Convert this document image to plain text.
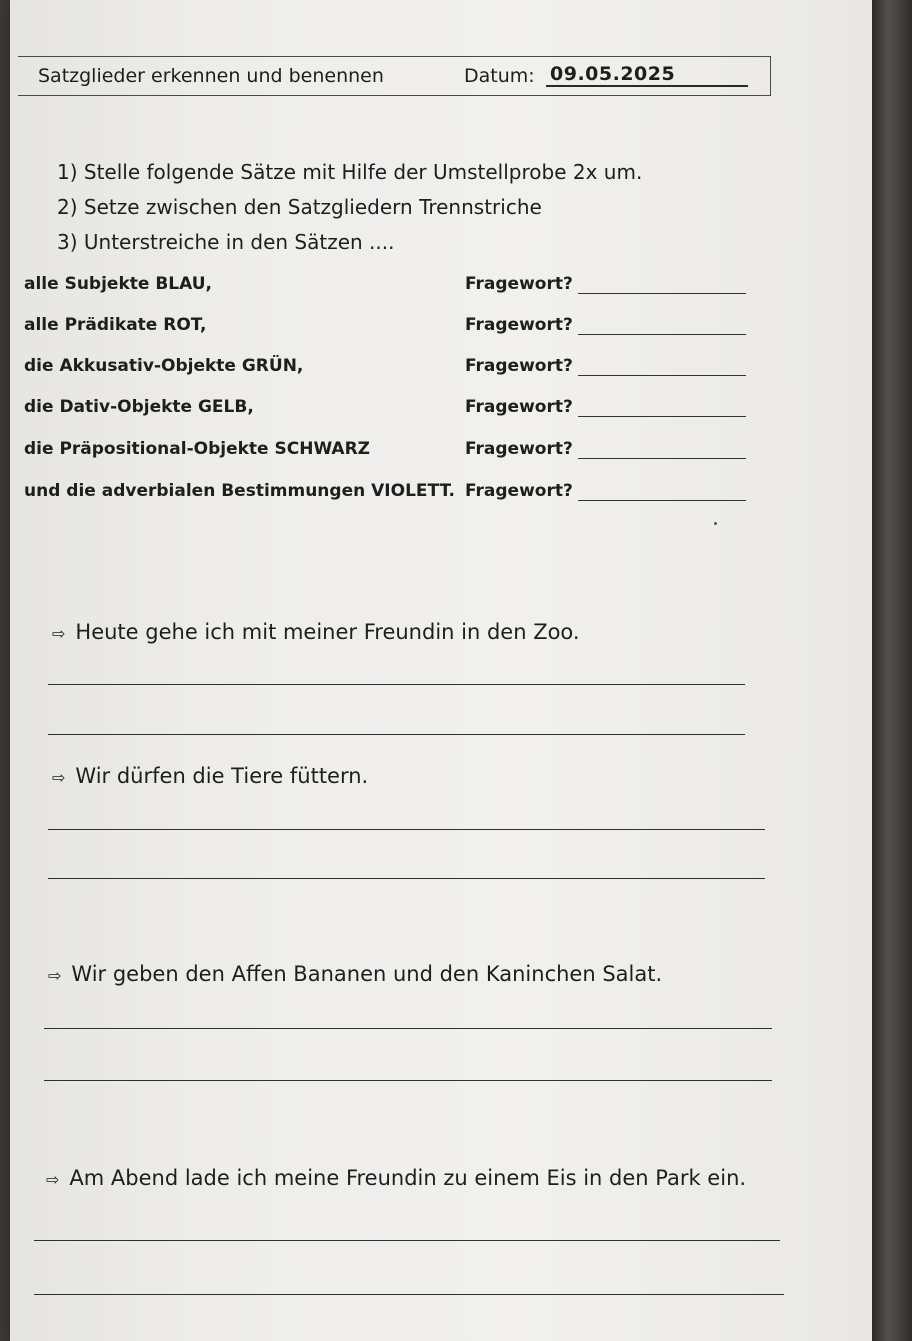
Satzglieder erkennen und benennen	Datum: 09.05.2025
1) Stelle folgende Sätze mit Hilfe der Umstellprobe 2x um.
2) Setze zwischen den Satzgliedern Trennstriche
3) Unterstreiche in den Sätzen ....
alle Subjekte BLAU,	Fragewort?
alle Prädikate ROT,	Fragewort?
die Akkusativ-Objekte GRÜN,	Fragewort?
die Dativ-Objekte GELB,	Fragewort?
die Präpositional-Objekte SCHWARZ	Fragewort?
und die adverbialen Bestimmungen VIOLETT. Fragewort?
⇨ Heute gehe ich mit meiner Freundin in den Zoo.
⇨ Wir dürfen die Tiere füttern.
⇨ Wir geben den Affen Bananen und den Kaninchen Salat.
⇨ Am Abend lade ich meine Freundin zu einem Eis in den Park ein.
